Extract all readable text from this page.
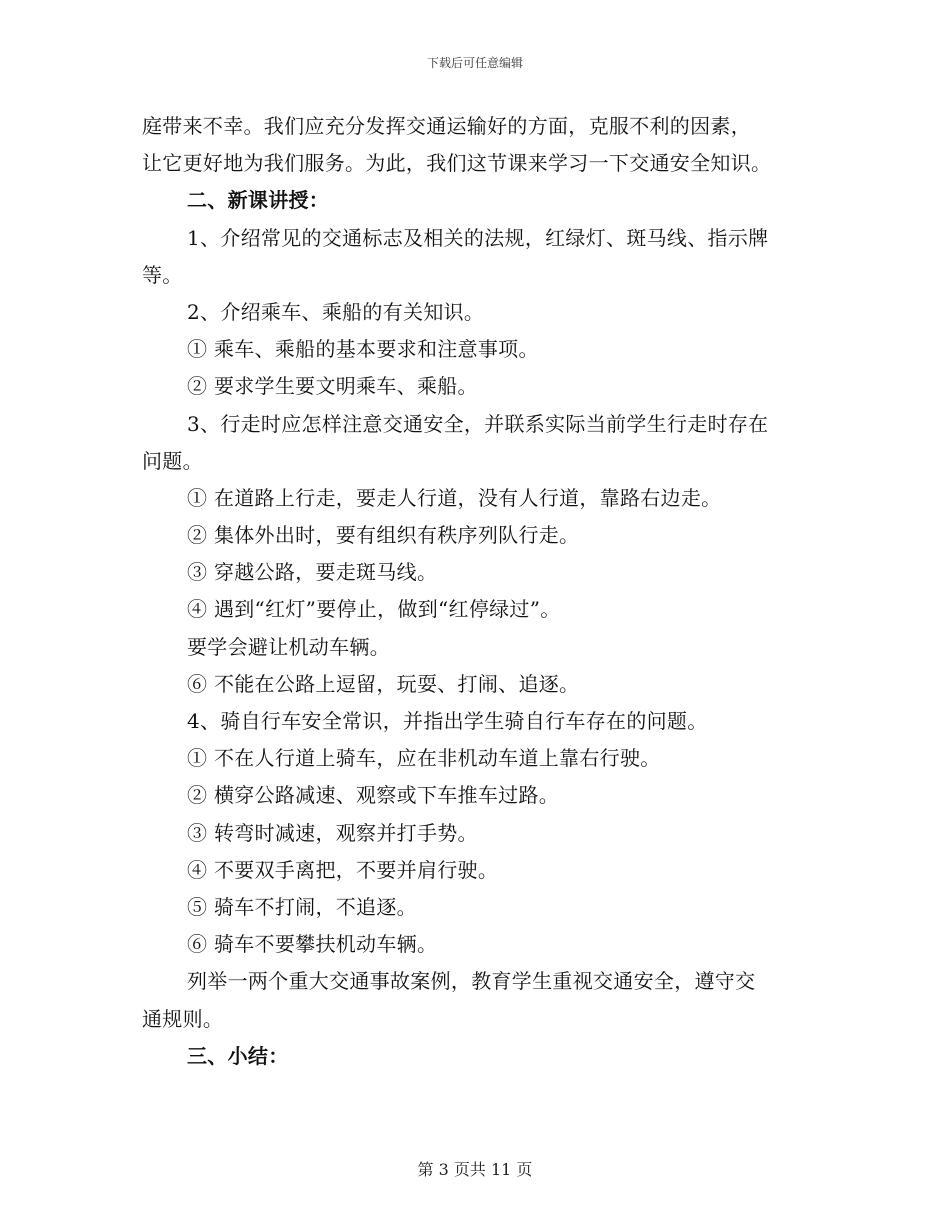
下载后可任意编辑
庭带来不幸。我们应充分发挥交通运输好的方面，克服不利的因素，
让它更好地为我们服务。为此，我们这节课来学习一下交通安全知识。
二、新课讲授：
1、介绍常见的交通标志及相关的法规，红绿灯、斑马线、指示牌
等。
2、介绍乘车、乘船的有关知识。
① 乘车、乘船的基本要求和注意事项。
② 要求学生要文明乘车、乘船。
3、行走时应怎样注意交通安全，并联系实际当前学生行走时存在
问题。
① 在道路上行走，要走人行道，没有人行道，靠路右边走。
② 集体外出时，要有组织有秩序列队行走。
③ 穿越公路，要走斑马线。
④ 遇到“红灯”要停止，做到“红停绿过”。
要学会避让机动车辆。
⑥ 不能在公路上逗留，玩耍、打闹、追逐。
4、骑自行车安全常识，并指出学生骑自行车存在的问题。
① 不在人行道上骑车，应在非机动车道上靠右行驶。
② 横穿公路减速、观察或下车推车过路。
③ 转弯时减速，观察并打手势。
④ 不要双手离把，不要并肩行驶。
⑤ 骑车不打闹，不追逐。
⑥ 骑车不要攀扶机动车辆。
列举一两个重大交通事故案例，教育学生重视交通安全，遵守交
通规则。
三、小结：
第 3 页共 11 页
